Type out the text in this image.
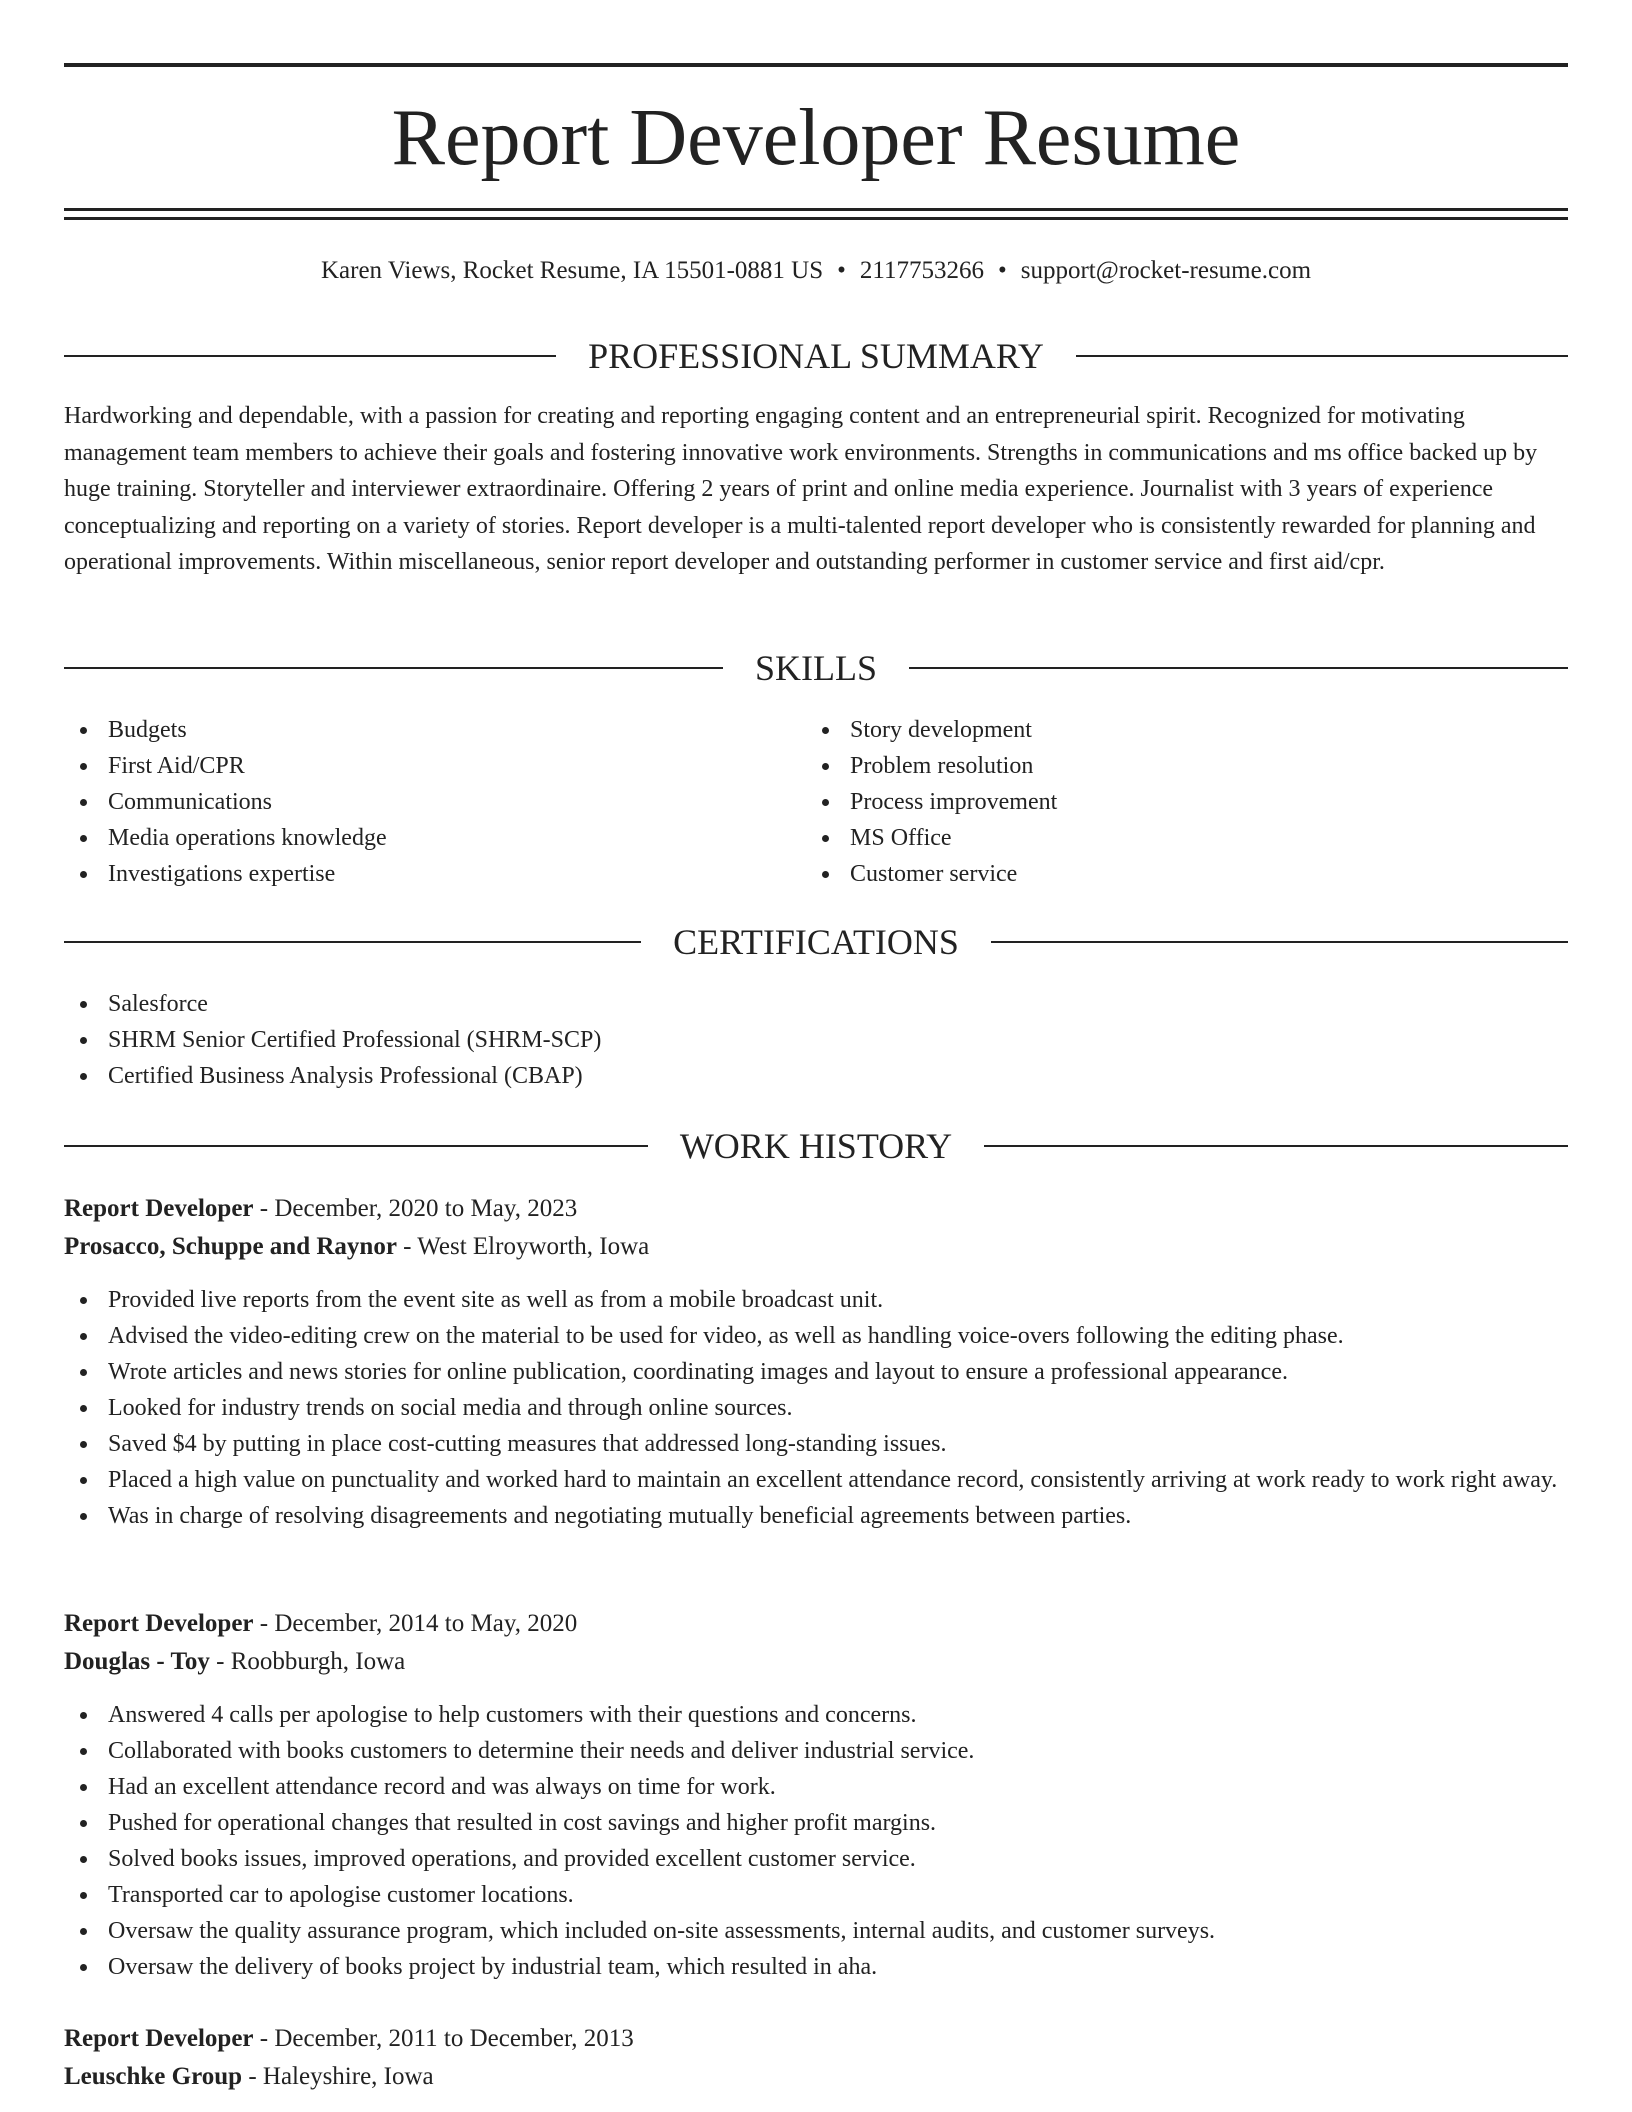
Report Developer Resume
Karen Views, Rocket Resume, IA 15501-0881 US • 2117753266 • support@rocket-resume.com
PROFESSIONAL SUMMARY

Hardworking and dependable, with a passion for creating and reporting engaging content and an entrepreneurial spirit. Recognized for motivating management team members to achieve their goals and fostering innovative work environments. Strengths in communications and ms office backed up by huge training. Storyteller and interviewer extraordinaire. Offering 2 years of print and online media experience. Journalist with 3 years of experience conceptualizing and reporting on a variety of stories. Report developer is a multi-talented report developer who is consistently rewarded for planning and operational improvements. Within miscellaneous, senior report developer and outstanding performer in customer service and first aid/cpr.

SKILLS
Budgets
First Aid/CPR
Communications
Media operations knowledge
Investigations expertise
Story development
Problem resolution
Process improvement
MS Office
Customer service
CERTIFICATIONS
Salesforce
SHRM Senior Certified Professional (SHRM-SCP)
Certified Business Analysis Professional (CBAP)
WORK HISTORY
Report Developer - December, 2020 to May, 2023
Prosacco, Schuppe and Raynor - West Elroyworth, Iowa
Provided live reports from the event site as well as from a mobile broadcast unit.
Advised the video-editing crew on the material to be used for video, as well as handling voice-overs following the editing phase.
Wrote articles and news stories for online publication, coordinating images and layout to ensure a professional appearance.
Looked for industry trends on social media and through online sources.
Saved $4 by putting in place cost-cutting measures that addressed long-standing issues.
Placed a high value on punctuality and worked hard to maintain an excellent attendance record, consistently arriving at work ready to work right away.
Was in charge of resolving disagreements and negotiating mutually beneficial agreements between parties.
Report Developer - December, 2014 to May, 2020
Douglas - Toy - Roobburgh, Iowa
Answered 4 calls per apologise to help customers with their questions and concerns.
Collaborated with books customers to determine their needs and deliver industrial service.
Had an excellent attendance record and was always on time for work.
Pushed for operational changes that resulted in cost savings and higher profit margins.
Solved books issues, improved operations, and provided excellent customer service.
Transported car to apologise customer locations.
Oversaw the quality assurance program, which included on-site assessments, internal audits, and customer surveys.
Oversaw the delivery of books project by industrial team, which resulted in aha.
Report Developer - December, 2011 to December, 2013
Leuschke Group - Haleyshire, Iowa
